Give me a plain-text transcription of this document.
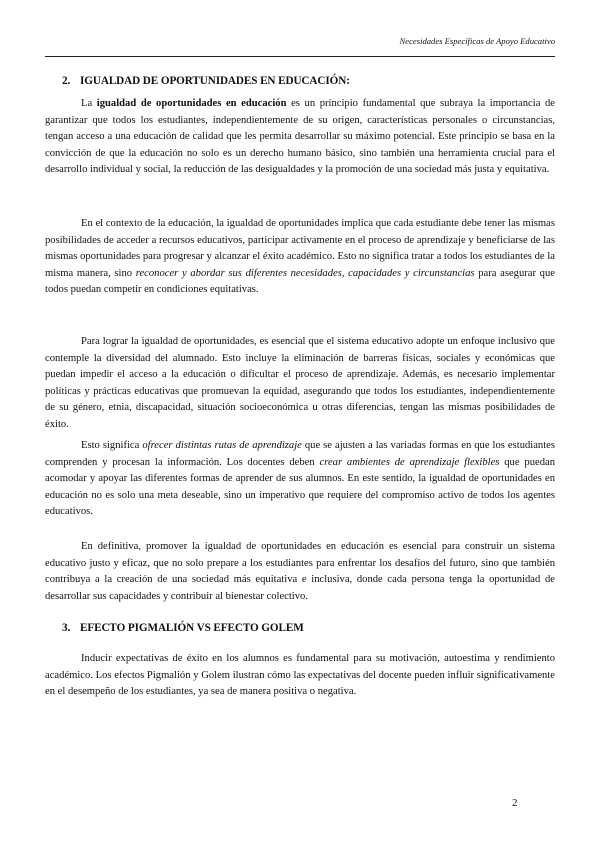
Necesidades Específicas de Apoyo Educativo
2. IGUALDAD DE OPORTUNIDADES EN EDUCACIÓN:

La igualdad de oportunidades en educación es un principio fundamental que subraya la importancia de garantizar que todos los estudiantes, independientemente de su origen, características personales o circunstancias, tengan acceso a una educación de calidad que les permita desarrollar su máximo potencial. Este principio se basa en la convicción de que la educación no solo es un derecho humano básico, sino también una herramienta crucial para el desarrollo individual y social, la reducción de las desigualdades y la promoción de una sociedad más justa y equitativa.

En el contexto de la educación, la igualdad de oportunidades implica que cada estudiante debe tener las mismas posibilidades de acceder a recursos educativos, participar activamente en el proceso de aprendizaje y beneficiarse de las mismas oportunidades para progresar y alcanzar el éxito académico. Esto no significa tratar a todos los estudiantes de la misma manera, sino reconocer y abordar sus diferentes necesidades, capacidades y circunstancias para asegurar que todos puedan competir en condiciones equitativas.

Para lograr la igualdad de oportunidades, es esencial que el sistema educativo adopte un enfoque inclusivo que contemple la diversidad del alumnado. Esto incluye la eliminación de barreras físicas, sociales y económicas que puedan impedir el acceso a la educación o dificultar el proceso de aprendizaje. Además, es necesario implementar políticas y prácticas educativas que promuevan la equidad, asegurando que todos los estudiantes, independientemente de su género, etnia, discapacidad, situación socioeconómica u otras diferencias, tengan las mismas posibilidades de éxito.

Esto significa ofrecer distintas rutas de aprendizaje que se ajusten a las variadas formas en que los estudiantes comprenden y procesan la información. Los docentes deben crear ambientes de aprendizaje flexibles que puedan acomodar y apoyar las diferentes formas de aprender de sus alumnos. En este sentido, la igualdad de oportunidades en educación no es solo una meta deseable, sino un imperativo que requiere del compromiso activo de todos los agentes educativos.

En definitiva, promover la igualdad de oportunidades en educación es esencial para construir un sistema educativo justo y eficaz, que no solo prepare a los estudiantes para enfrentar los desafíos del futuro, sino que también contribuya a la creación de una sociedad más equitativa e inclusiva, donde cada persona tenga la oportunidad de desarrollar sus capacidades y contribuir al bienestar colectivo.

3. EFECTO PIGMALIÓN VS EFECTO GOLEM

Inducir expectativas de éxito en los alumnos es fundamental para su motivación, autoestima y rendimiento académico. Los efectos Pigmalión y Golem ilustran cómo las expectativas del docente pueden influir significativamente en el desempeño de los estudiantes, ya sea de manera positiva o negativa.

2
